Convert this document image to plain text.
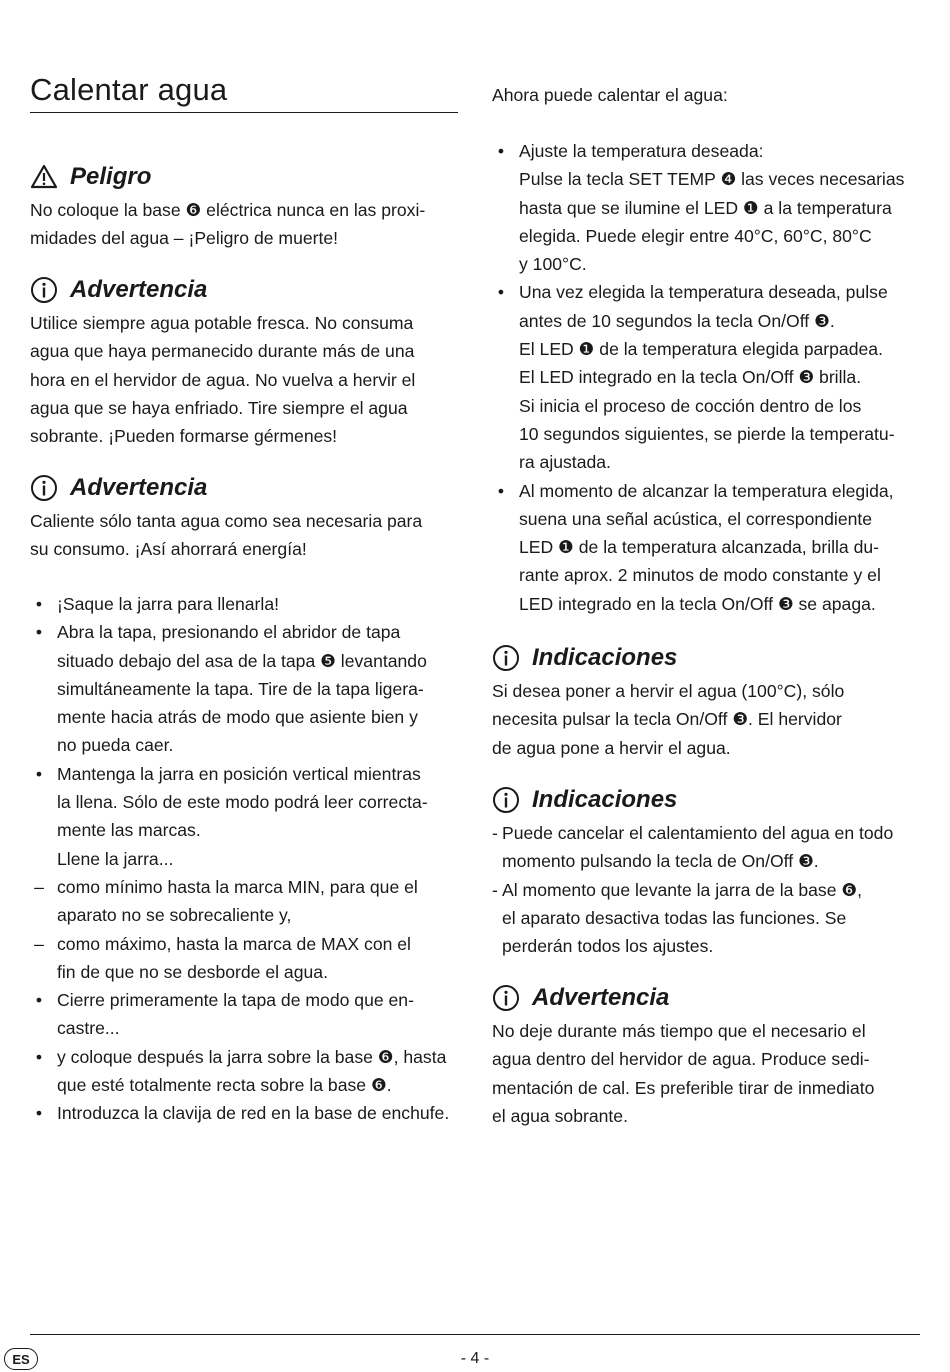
Calentar agua
Peligro
No coloque la base ❻ eléctrica nunca en las proxi-
midades del agua – ¡Peligro de muerte!
Advertencia
Utilice siempre agua potable fresca. No consuma
agua que haya permanecido durante más de una
hora en el hervidor de agua. No vuelva a hervir el
agua que se haya enfriado. Tire siempre el agua
sobrante. ¡Pueden formarse gérmenes!
Advertencia
Caliente sólo tanta agua como sea necesaria para
su consumo. ¡Así ahorrará energía!
• ¡Saque la jarra para llenarla!
• Abra la tapa, presionando el abridor de tapa
situado debajo del asa de la tapa ❺ levantando
simultáneamente la tapa. Tire de la tapa ligera-
mente hacia atrás de modo que asiente bien y
no pueda caer.
• Mantenga la jarra en posición vertical mientras
la llena. Sólo de este modo podrá leer correcta-
mente las marcas.
Llene la jarra...
– como mínimo hasta la marca MIN, para que el
aparato no se sobrecaliente y,
– como máximo, hasta la marca de MAX con el
fin de que no se desborde el agua.
• Cierre primeramente la tapa de modo que en-
castre...
• y coloque después la jarra sobre la base ❻, hasta
que esté totalmente recta sobre la base ❻.
• Introduzca la clavija de red en la base de enchufe.
Ahora puede calentar el agua:
• Ajuste la temperatura deseada:
Pulse la tecla SET TEMP ❹ las veces necesarias
hasta que se ilumine el LED ❶ a la temperatura
elegida. Puede elegir entre 40°C, 60°C, 80°C
y 100°C.
• Una vez elegida la temperatura deseada, pulse
antes de 10 segundos la tecla On/Off ❸.
El LED ❶ de la temperatura elegida parpadea.
El LED integrado en la tecla On/Off ❸ brilla.
Si inicia el proceso de cocción dentro de los
10 segundos siguientes, se pierde la temperatu-
ra ajustada.
• Al momento de alcanzar la temperatura elegida,
suena una señal acústica, el correspondiente
LED ❶ de la temperatura alcanzada, brilla du-
rante aprox. 2 minutos de modo constante y el
LED integrado en la tecla On/Off ❸ se apaga.
Indicaciones
Si desea poner a hervir el agua (100°C), sólo
necesita pulsar la tecla On/Off ❸. El hervidor
de agua pone a hervir el agua.
Indicaciones
- Puede cancelar el calentamiento del agua en todo
momento pulsando la tecla de On/Off ❸.
- Al momento que levante la jarra de la base ❻,
el aparato desactiva todas las funciones. Se
perderán todos los ajustes.
Advertencia
No deje durante más tiempo que el necesario el
agua dentro del hervidor de agua. Produce sedi-
mentación de cal. Es preferible tirar de inmediato
el agua sobrante.
ES	- 4 -
